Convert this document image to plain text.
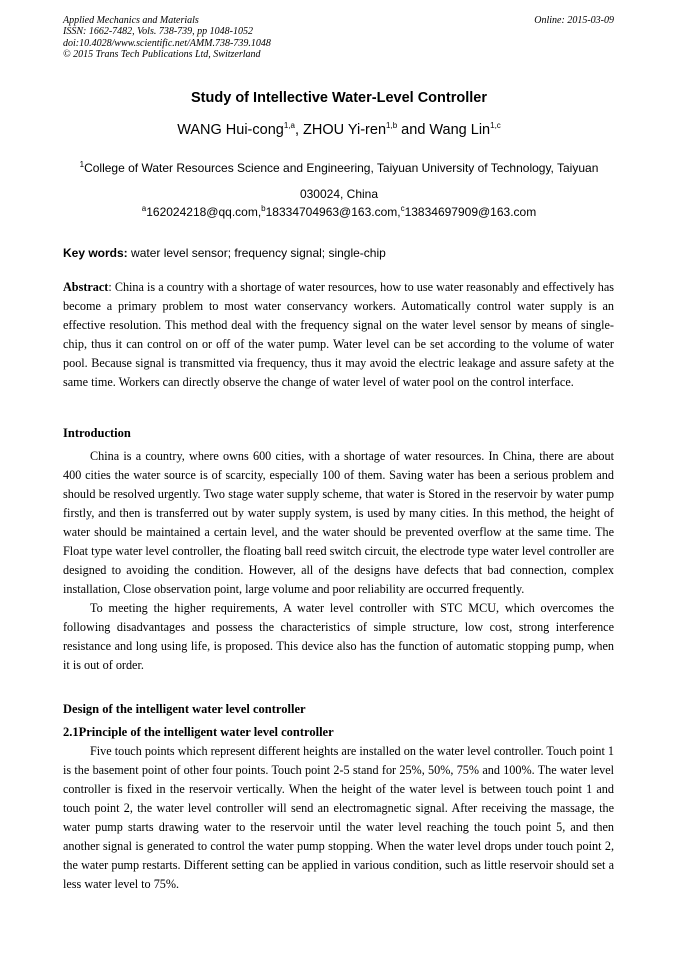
Applied Mechanics and Materials
ISSN: 1662-7482, Vols. 738-739, pp 1048-1052
doi:10.4028/www.scientific.net/AMM.738-739.1048
© 2015 Trans Tech Publications Ltd, Switzerland
Online: 2015-03-09
Study of Intellective Water-Level Controller
WANG Hui-cong$^{1,a}$, ZHOU Yi-ren$^{1,b}$ and Wang Lin$^{1,c}$
$^1$College of Water Resources Science and Engineering, Taiyuan University of Technology, Taiyuan 030024, China
$^a$162024218@qq.com,$^b$18334704963@163.com,$^c$13834697909@163.com
Key words: water level sensor; frequency signal; single-chip

Abstract: China is a country with a shortage of water resources, how to use water reasonably and effectively has become a primary problem to most water conservancy workers. Automatically control water supply is an effective resolution. This method deal with the frequency signal on the water level sensor by means of single-chip, thus it can control on or off of the water pump. Water level can be set according to the volume of water pool. Because signal is transmitted via frequency, thus it may avoid the electric leakage and assure safety at the same time. Workers can directly observe the change of water level of water pool on the control interface.

Introduction

China is a country, where owns 600 cities, with a shortage of water resources. In China, there are about 400 cities the water source is of scarcity, especially 100 of them. Saving water has been a serious problem and should be resolved urgently. Two stage water supply scheme, that water is Stored in the reservoir by water pump firstly, and then is transferred out by water supply system, is used by many cities. In this method, the height of water should be maintained a certain level, and the water should be prevented overflow at the same time. The Float type water level controller, the floating ball reed switch circuit, the electrode type water level controller are designed to avoiding the condition. However, all of the designs have defects that bad connection, complex installation, Close observation point, large volume and poor reliability are occurred frequently.

To meeting the higher requirements, A water level controller with STC MCU, which overcomes the following disadvantages and possess the characteristics of simple structure, low cost, strong interference resistance and long using life, is proposed. This device also has the function of automatic stopping pump, when it is out of order.

Design of the intelligent water level controller
2.1Principle of the intelligent water level controller

Five touch points which represent different heights are installed on the water level controller. Touch point 1 is the basement point of other four points. Touch point 2-5 stand for 25%, 50%, 75% and 100%. The water level controller is fixed in the reservoir vertically. When the height of the water level is between touch point 1 and touch point 2, the water level controller will send an electromagnetic signal. After receiving the massage, the water pump starts drawing water to the reservoir until the water level reaching the touch point 5, and then another signal is generated to control the water pump stopping. When the water level drops under touch point 2, the water pump restarts. Different setting can be applied in various condition, such as little reservoir should set a less water level to 75%.
